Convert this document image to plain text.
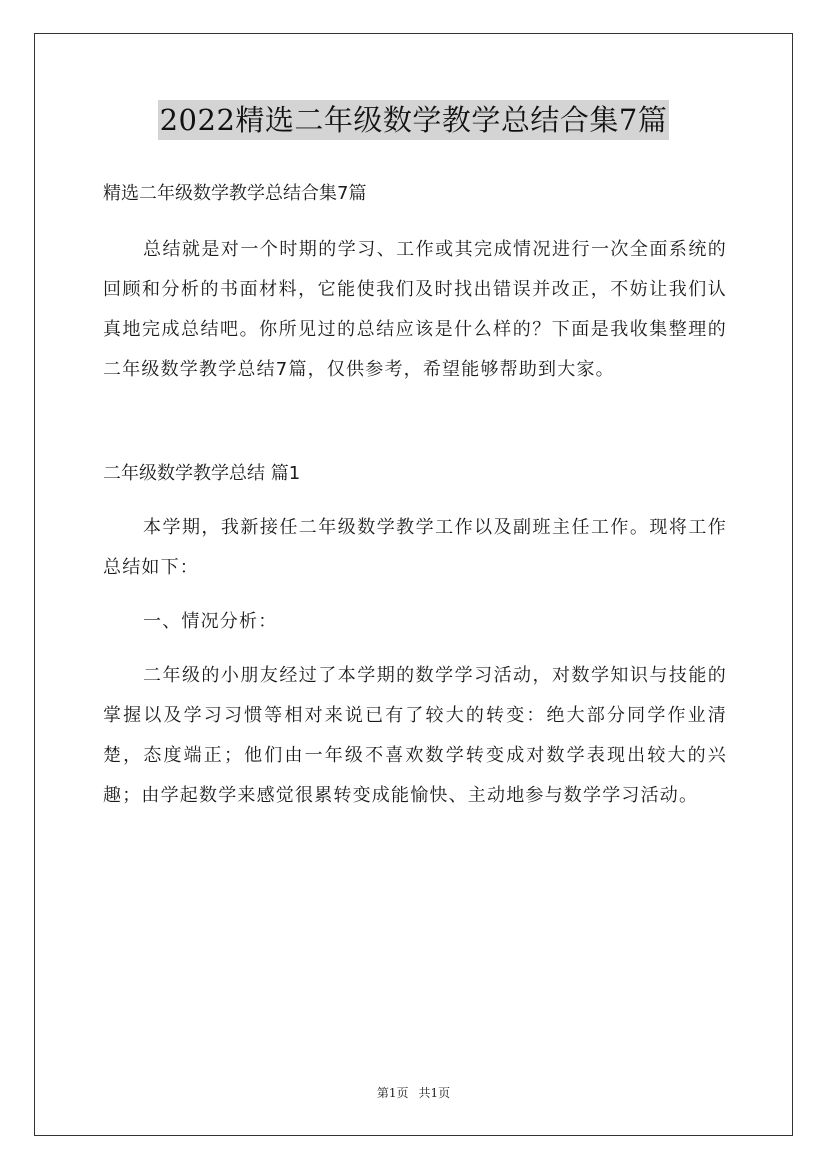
2022精选二年级数学教学总结合集7篇

精选二年级数学教学总结合集7篇

总结就是对一个时期的学习、工作或其完成情况进行一次全面系统的回顾和分析的书面材料，它能使我们及时找出错误并改正，不妨让我们认真地完成总结吧。你所见过的总结应该是什么样的？下面是我收集整理的二年级数学教学总结7篇，仅供参考，希望能够帮助到大家。

二年级数学教学总结 篇1

本学期，我新接任二年级数学教学工作以及副班主任工作。现将工作总结如下：

一、情况分析：

二年级的小朋友经过了本学期的数学学习活动，对数学知识与技能的掌握以及学习习惯等相对来说已有了较大的转变：绝大部分同学作业清楚，态度端正；他们由一年级不喜欢数学转变成对数学表现出较大的兴趣；由学起数学来感觉很累转变成能愉快、主动地参与数学学习活动。

第1页 共1页
